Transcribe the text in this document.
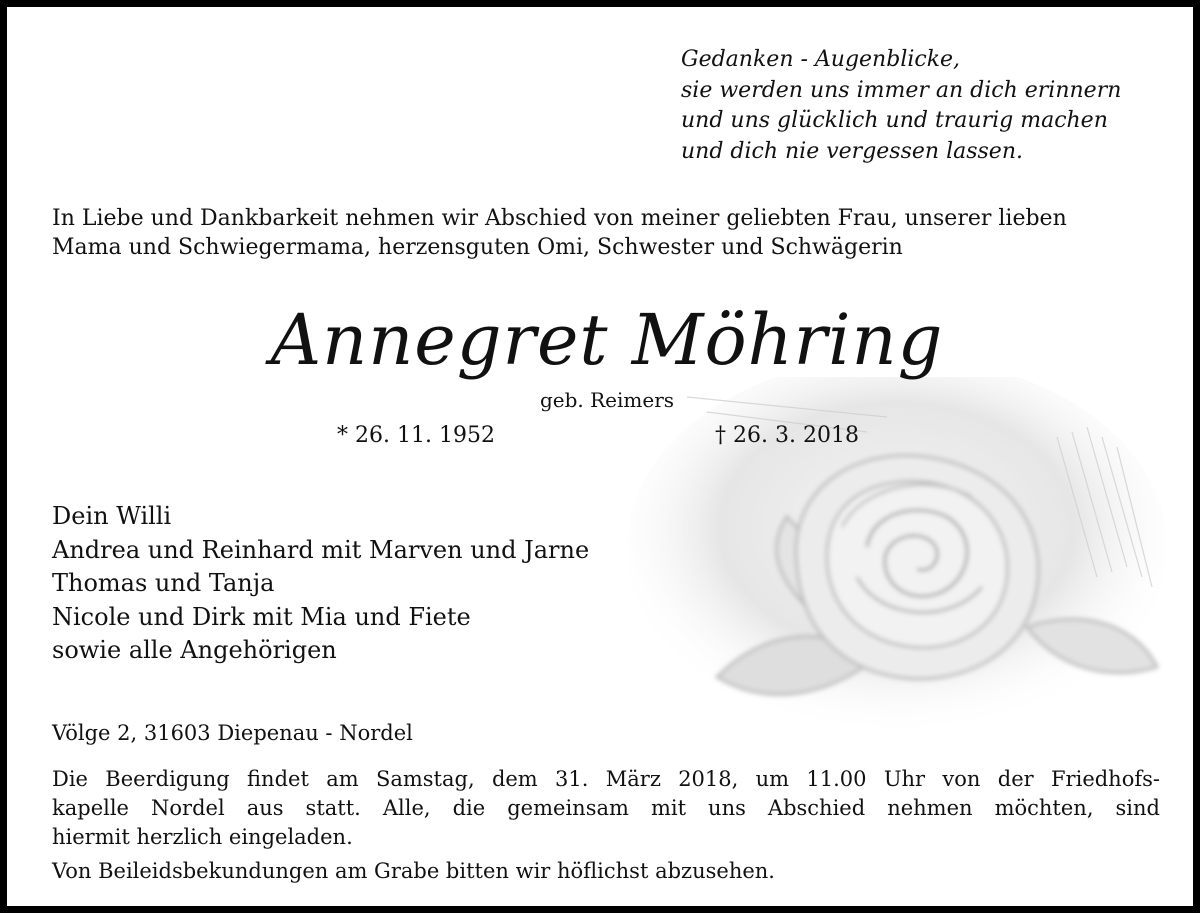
Gedanken - Augenblicke,
sie werden uns immer an dich erinnern
und uns glücklich und traurig machen
und dich nie vergessen lassen.
In Liebe und Dankbarkeit nehmen wir Abschied von meiner geliebten Frau, unserer lieben
Mama und Schwiegermama, herzensguten Omi, Schwester und Schwägerin
Annegret Möhring
geb. Reimers
* 26. 11. 1952	† 26. 3. 2018
Dein Willi
Andrea und Reinhard mit Marven und Jarne
Thomas und Tanja
Nicole und Dirk mit Mia und Fiete
sowie alle Angehörigen
Völge 2, 31603 Diepenau - Nordel
Die Beerdigung findet am Samstag, dem 31. März 2018, um 11.00 Uhr von der Friedhofs-
kapelle Nordel aus statt. Alle, die gemeinsam mit uns Abschied nehmen möchten, sind
hiermit herzlich eingeladen.
Von Beileidsbekundungen am Grabe bitten wir höflichst abzusehen.
